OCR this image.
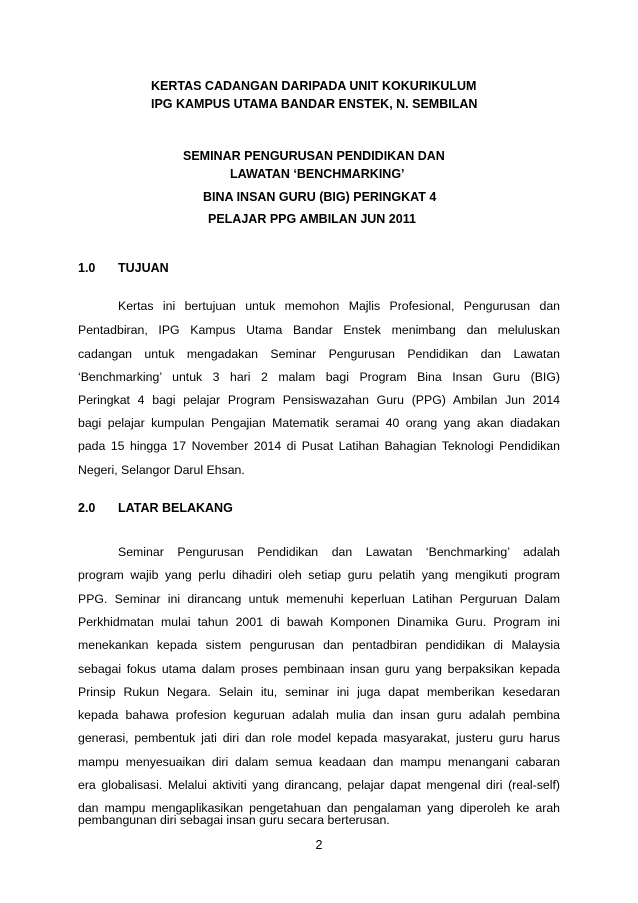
KERTAS CADANGAN DARIPADA UNIT KOKURIKULUM
IPG KAMPUS UTAMA BANDAR ENSTEK, N. SEMBILAN
SEMINAR PENGURUSAN PENDIDIKAN DAN
LAWATAN ‘BENCHMARKING’
BINA INSAN GURU (BIG) PERINGKAT 4
PELAJAR PPG AMBILAN JUN 2011
1.0 TUJUAN
Kertas ini bertujuan untuk memohon Majlis Profesional, Pengurusan dan
Pentadbiran, IPG Kampus Utama Bandar Enstek menimbang dan meluluskan
cadangan untuk mengadakan Seminar Pengurusan Pendidikan dan Lawatan
‘Benchmarking’ untuk 3 hari 2 malam bagi Program Bina Insan Guru (BIG)
Peringkat 4 bagi pelajar Program Pensiswazahan Guru (PPG) Ambilan Jun 2014
bagi pelajar kumpulan Pengajian Matematik seramai 40 orang yang akan diadakan
pada 15 hingga 17 November 2014 di Pusat Latihan Bahagian Teknologi Pendidikan
Negeri, Selangor Darul Ehsan.
2.0 LATAR BELAKANG
Seminar Pengurusan Pendidikan dan Lawatan ‘Benchmarking’ adalah
program wajib yang perlu dihadiri oleh setiap guru pelatih yang mengikuti program
PPG. Seminar ini dirancang untuk memenuhi keperluan Latihan Perguruan Dalam
Perkhidmatan mulai tahun 2001 di bawah Komponen Dinamika Guru. Program ini
menekankan kepada sistem pengurusan dan pentadbiran pendidikan di Malaysia
sebagai fokus utama dalam proses pembinaan insan guru yang berpaksikan kepada
Prinsip Rukun Negara. Selain itu, seminar ini juga dapat memberikan kesedaran
kepada bahawa profesion keguruan adalah mulia dan insan guru adalah pembina
generasi, pembentuk jati diri dan role model kepada masyarakat, justeru guru harus
mampu menyesuaikan diri dalam semua keadaan dan mampu menangani cabaran
era globalisasi. Melalui aktiviti yang dirancang, pelajar dapat mengenal diri (real-self)
dan mampu mengaplikasikan pengetahuan dan pengalaman yang diperoleh ke arah
pembangunan diri sebagai insan guru secara berterusan.
2
